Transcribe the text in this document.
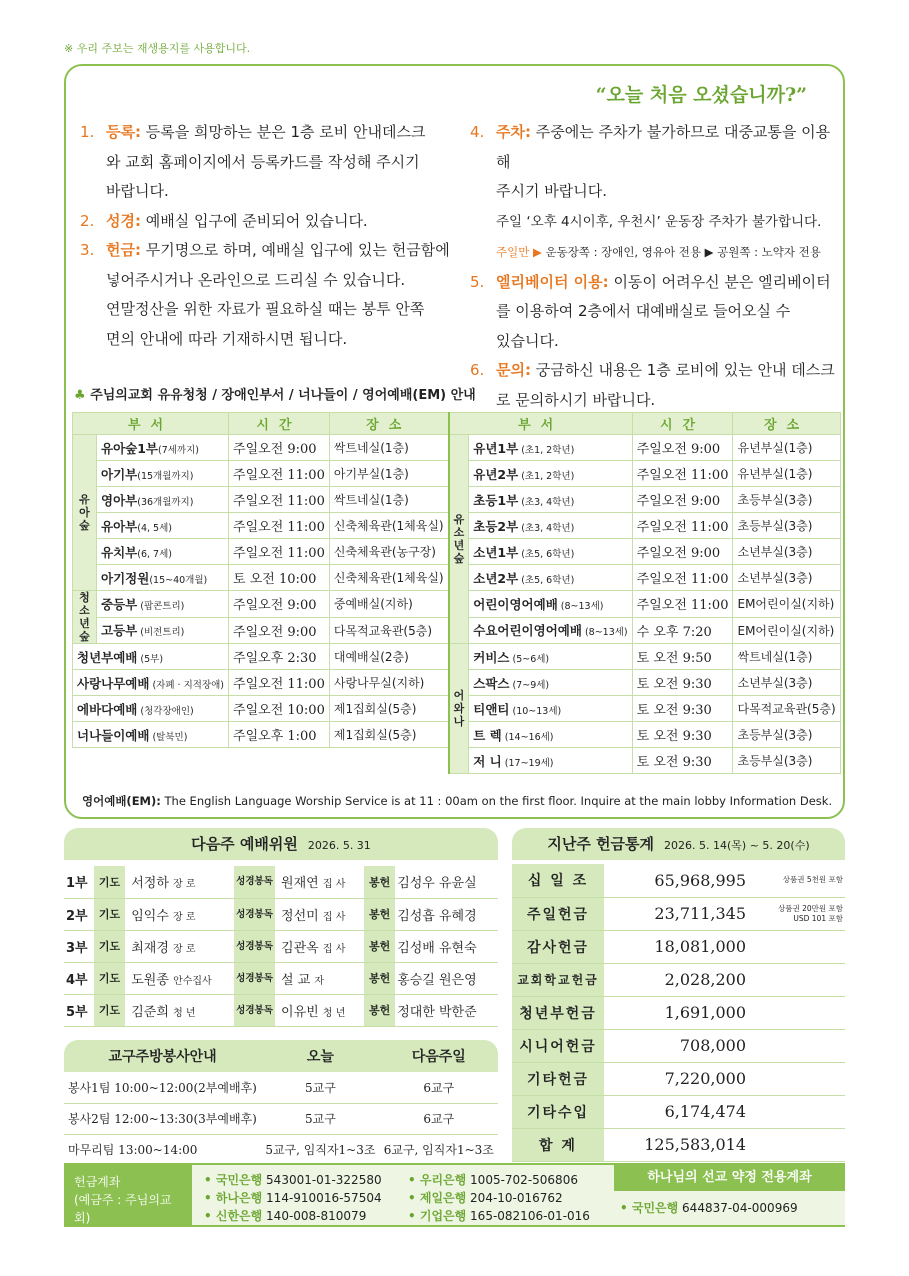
※ 우리 주보는 재생용지를 사용합니다.
“오늘 처음 오셨습니까?”
1. 등록: 등록을 희망하는 분은 1층 로비 안내데스크
와 교회 홈페이지에서 등록카드를 작성해 주시기
바랍니다.
2. 성경: 예배실 입구에 준비되어 있습니다.
3. 헌금: 무기명으로 하며, 예배실 입구에 있는 헌금함에
넣어주시거나 온라인으로 드리실 수 있습니다.
연말정산을 위한 자료가 필요하실 때는 봉투 안쪽
면의 안내에 따라 기재하시면 됩니다.
4. 주차: 주중에는 주차가 불가하므로 대중교통을 이용해
주시기 바랍니다.
주일 ‘오후 4시이후, 우천시’ 운동장 주차가 불가합니다.
주일만 ▶ 운동장쪽 : 장애인, 영유아 전용 ▶ 공원쪽 : 노약자 전용
5. 엘리베이터 이용: 이동이 어려우신 분은 엘리베이터
를 이용하여 2층에서 대예배실로 들어오실 수
있습니다.
6. 문의: 궁금하신 내용은 1층 로비에 있는 안내 데스크
로 문의하시기 바랍니다.
♣ 주님의교회 유유청청 / 장애인부서 / 너나들이 / 영어예배(EM) 안내
부서		시간	장소	부서		시간	장소
유아숲	유아숲1부(7세까지)	주일오전 9:00	싹트네실(1층)	유소년숲	유년1부 (초1, 2학년)	주일오전 9:00	유년부실(1층)
	아기부(15개월까지)	주일오전 11:00	아기부실(1층)		유년2부 (초1, 2학년)	주일오전 11:00	유년부실(1층)
	영아부(36개월까지)	주일오전 11:00	싹트네실(1층)		초등1부 (초3, 4학년)	주일오전 9:00	초등부실(3층)
	유아부(4, 5세)	주일오전 11:00	신축체육관(1체육실)		초등2부 (초3, 4학년)	주일오전 11:00	초등부실(3층)
	유치부(6, 7세)	주일오전 11:00	신축체육관(농구장)		소년1부 (초5, 6학년)	주일오전 9:00	소년부실(3층)
	아기정원(15~40개월)	토 오전 10:00	신축체육관(1체육실)		소년2부 (초5, 6학년)	주일오전 11:00	소년부실(3층)
청소년숲	중등부 (팝콘트리)	주일오전 9:00	중예배실(지하)		어린이영어예배 (8~13세)	주일오전 11:00	EM어린이실(지하)
	고등부 (비전트리)	주일오전 9:00	다목적교육관(5층)		수요어린이영어예배 (8~13세)	수 오후 7:20	EM어린이실(지하)
청년부예배 (5부)		주일오후 2:30	대예배실(2층)	어와나	커비스 (5~6세)	토 오전 9:50	싹트네실(1층)
사랑나무예배 (자폐 · 지적장애)		주일오전 11:00	사랑나무실(지하)		스팍스 (7~9세)	토 오전 9:30	소년부실(3층)
에바다예배 (청각장애인)		주일오전 10:00	제1집회실(5층)		티앤티 (10~13세)	토 오전 9:30	다목적교육관(5층)
너나들이예배 (탈북민)		주일오후 1:00	제1집회실(5층)		트 렉 (14~16세)	토 오전 9:30	초등부실(3층)
					저 니 (17~19세)	토 오전 9:30	초등부실(3층)
영어예배(EM): The English Language Worship Service is at 11 : 00am on the first floor. Inquire at the main lobby Information Desk.
다음주 예배위원 2026. 5. 31
1부	기도	서정하 장 로	성경봉독	원재연 집 사	봉헌	김성우 유윤실
2부	기도	임익수 장 로	성경봉독	정선미 집 사	봉헌	김성흡 유혜경
3부	기도	최재경 장 로	성경봉독	김관옥 집 사	봉헌	김성배 유현숙
4부	기도	도원종 안수집사	성경봉독	설 교 자	봉헌	홍승길 원은영
5부	기도	김준희 청 년	성경봉독	이유빈 청 년	봉헌	정대한 박한준
교구주방봉사안내	오늘	다음주일
봉사1팀 10:00~12:00(2부예배후)	5교구	6교구
봉사2팀 12:00~13:30(3부예배후)	5교구	6교구
마무리팀 13:00~14:00	5교구, 임직자1~3조	6교구, 임직자1~3조
지난주 헌금통계 2026. 5. 14(목) ~ 5. 20(수)
십 일 조	65,968,995	상품권 5천원 포함

주일헌금	23,711,345	상품권 20만원 포함
USD 101 포함

감사헌금	18,081,000	
교회학교헌금	2,028,200	
청년부헌금	1,691,000	
시니어헌금	708,000	
기타헌금	7,220,000	
기타수입	6,174,474	
합 계	125,583,014	
헌금계좌
(예금주 : 주님의교회)
• 국민은행 543001-01-322580
• 하나은행 114-910016-57504
• 신한은행 140-008-810079
• 우리은행 1005-702-506806
• 제일은행 204-10-016762
• 기업은행 165-082106-01-016
하나님의 선교 약정 전용계좌
• 국민은행 644837-04-000969
